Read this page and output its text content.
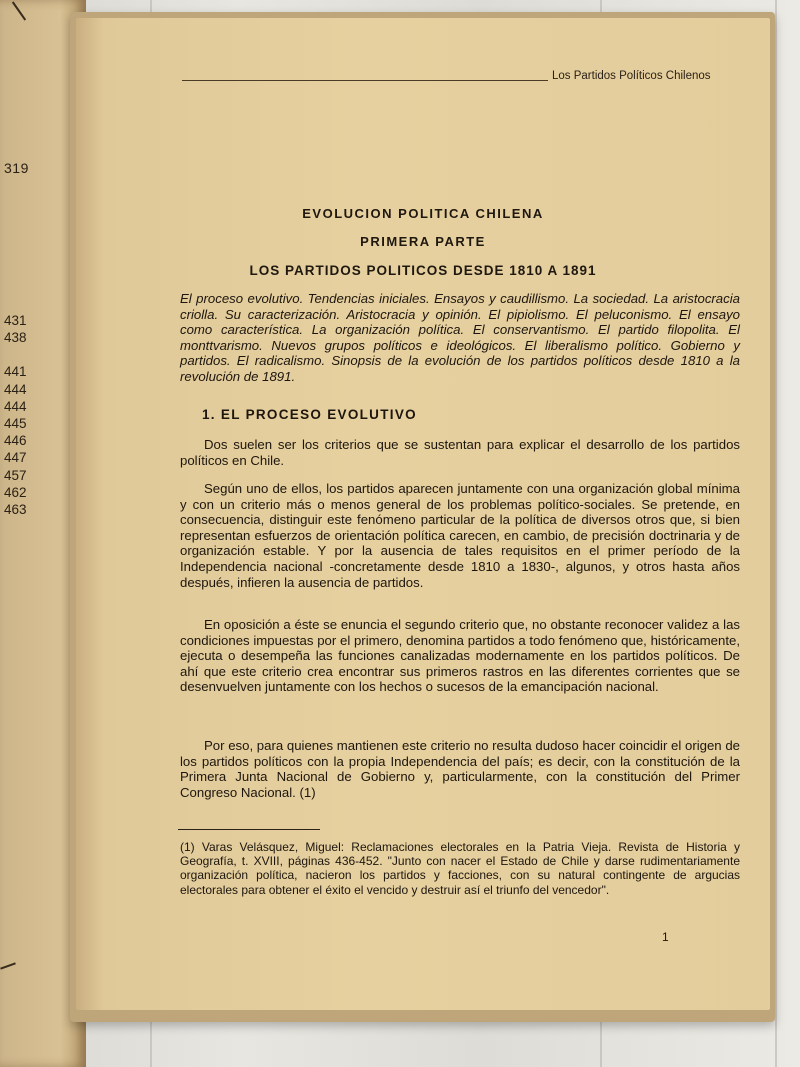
319
431
438
441
444
444
445
446
447
457
462
463
Los Partidos Políticos Chilenos
EVOLUCION POLITICA CHILENA
PRIMERA PARTE
LOS PARTIDOS POLITICOS DESDE 1810 A 1891
El proceso evolutivo. Tendencias iniciales. Ensayos y caudillismo. La sociedad. La aristocracia criolla. Su caracterización. Aristocracia y opinión. El pipiolismo. El peluconismo. El ensayo como característica. La organización política. El conservantismo. El partido filopolita. El monttvarismo. Nuevos grupos políticos e ideológicos. El liberalismo político. Gobierno y partidos. El radicalismo. Sinopsis de la evolución de los partidos políticos desde 1810 a la revolución de 1891.
1. EL PROCESO EVOLUTIVO
Dos suelen ser los criterios que se sustentan para explicar el desarrollo de los partidos políticos en Chile.
Según uno de ellos, los partidos aparecen juntamente con una organización global mínima y con un criterio más o menos general de los problemas político-sociales. Se pretende, en consecuencia, distinguir este fenómeno particular de la política de diversos otros que, si bien representan esfuerzos de orientación política carecen, en cambio, de precisión doctrinaria y de organización estable. Y por la ausencia de tales requisitos en el primer período de la Independencia nacional -concretamente desde 1810 a 1830-, algunos, y otros hasta años después, infieren la ausencia de partidos.
En oposición a éste se enuncia el segundo criterio que, no obstante reconocer validez a las condiciones impuestas por el primero, denomina partidos a todo fenómeno que, históricamente, ejecuta o desempeña las funciones canalizadas modernamente en los partidos políticos. De ahí que este criterio crea encontrar sus primeros rastros en las diferentes corrientes que se desenvuelven juntamente con los hechos o sucesos de la emancipación nacional.
Por eso, para quienes mantienen este criterio no resulta dudoso hacer coincidir el origen de los partidos políticos con la propia Independencia del país; es decir, con la constitución de la Primera Junta Nacional de Gobierno y, particularmente, con la constitución del Primer Congreso Nacional. (1)
(1) Varas Velásquez, Miguel: Reclamaciones electorales en la Patria Vieja. Revista de Historia y Geografía, t. XVIII, páginas 436-452. "Junto con nacer el Estado de Chile y darse rudimentariamente organización política, nacieron los partidos y facciones, con su natural contingente de argucias electorales para obtener el éxito el vencido y destruir así el triunfo del vencedor".
1
